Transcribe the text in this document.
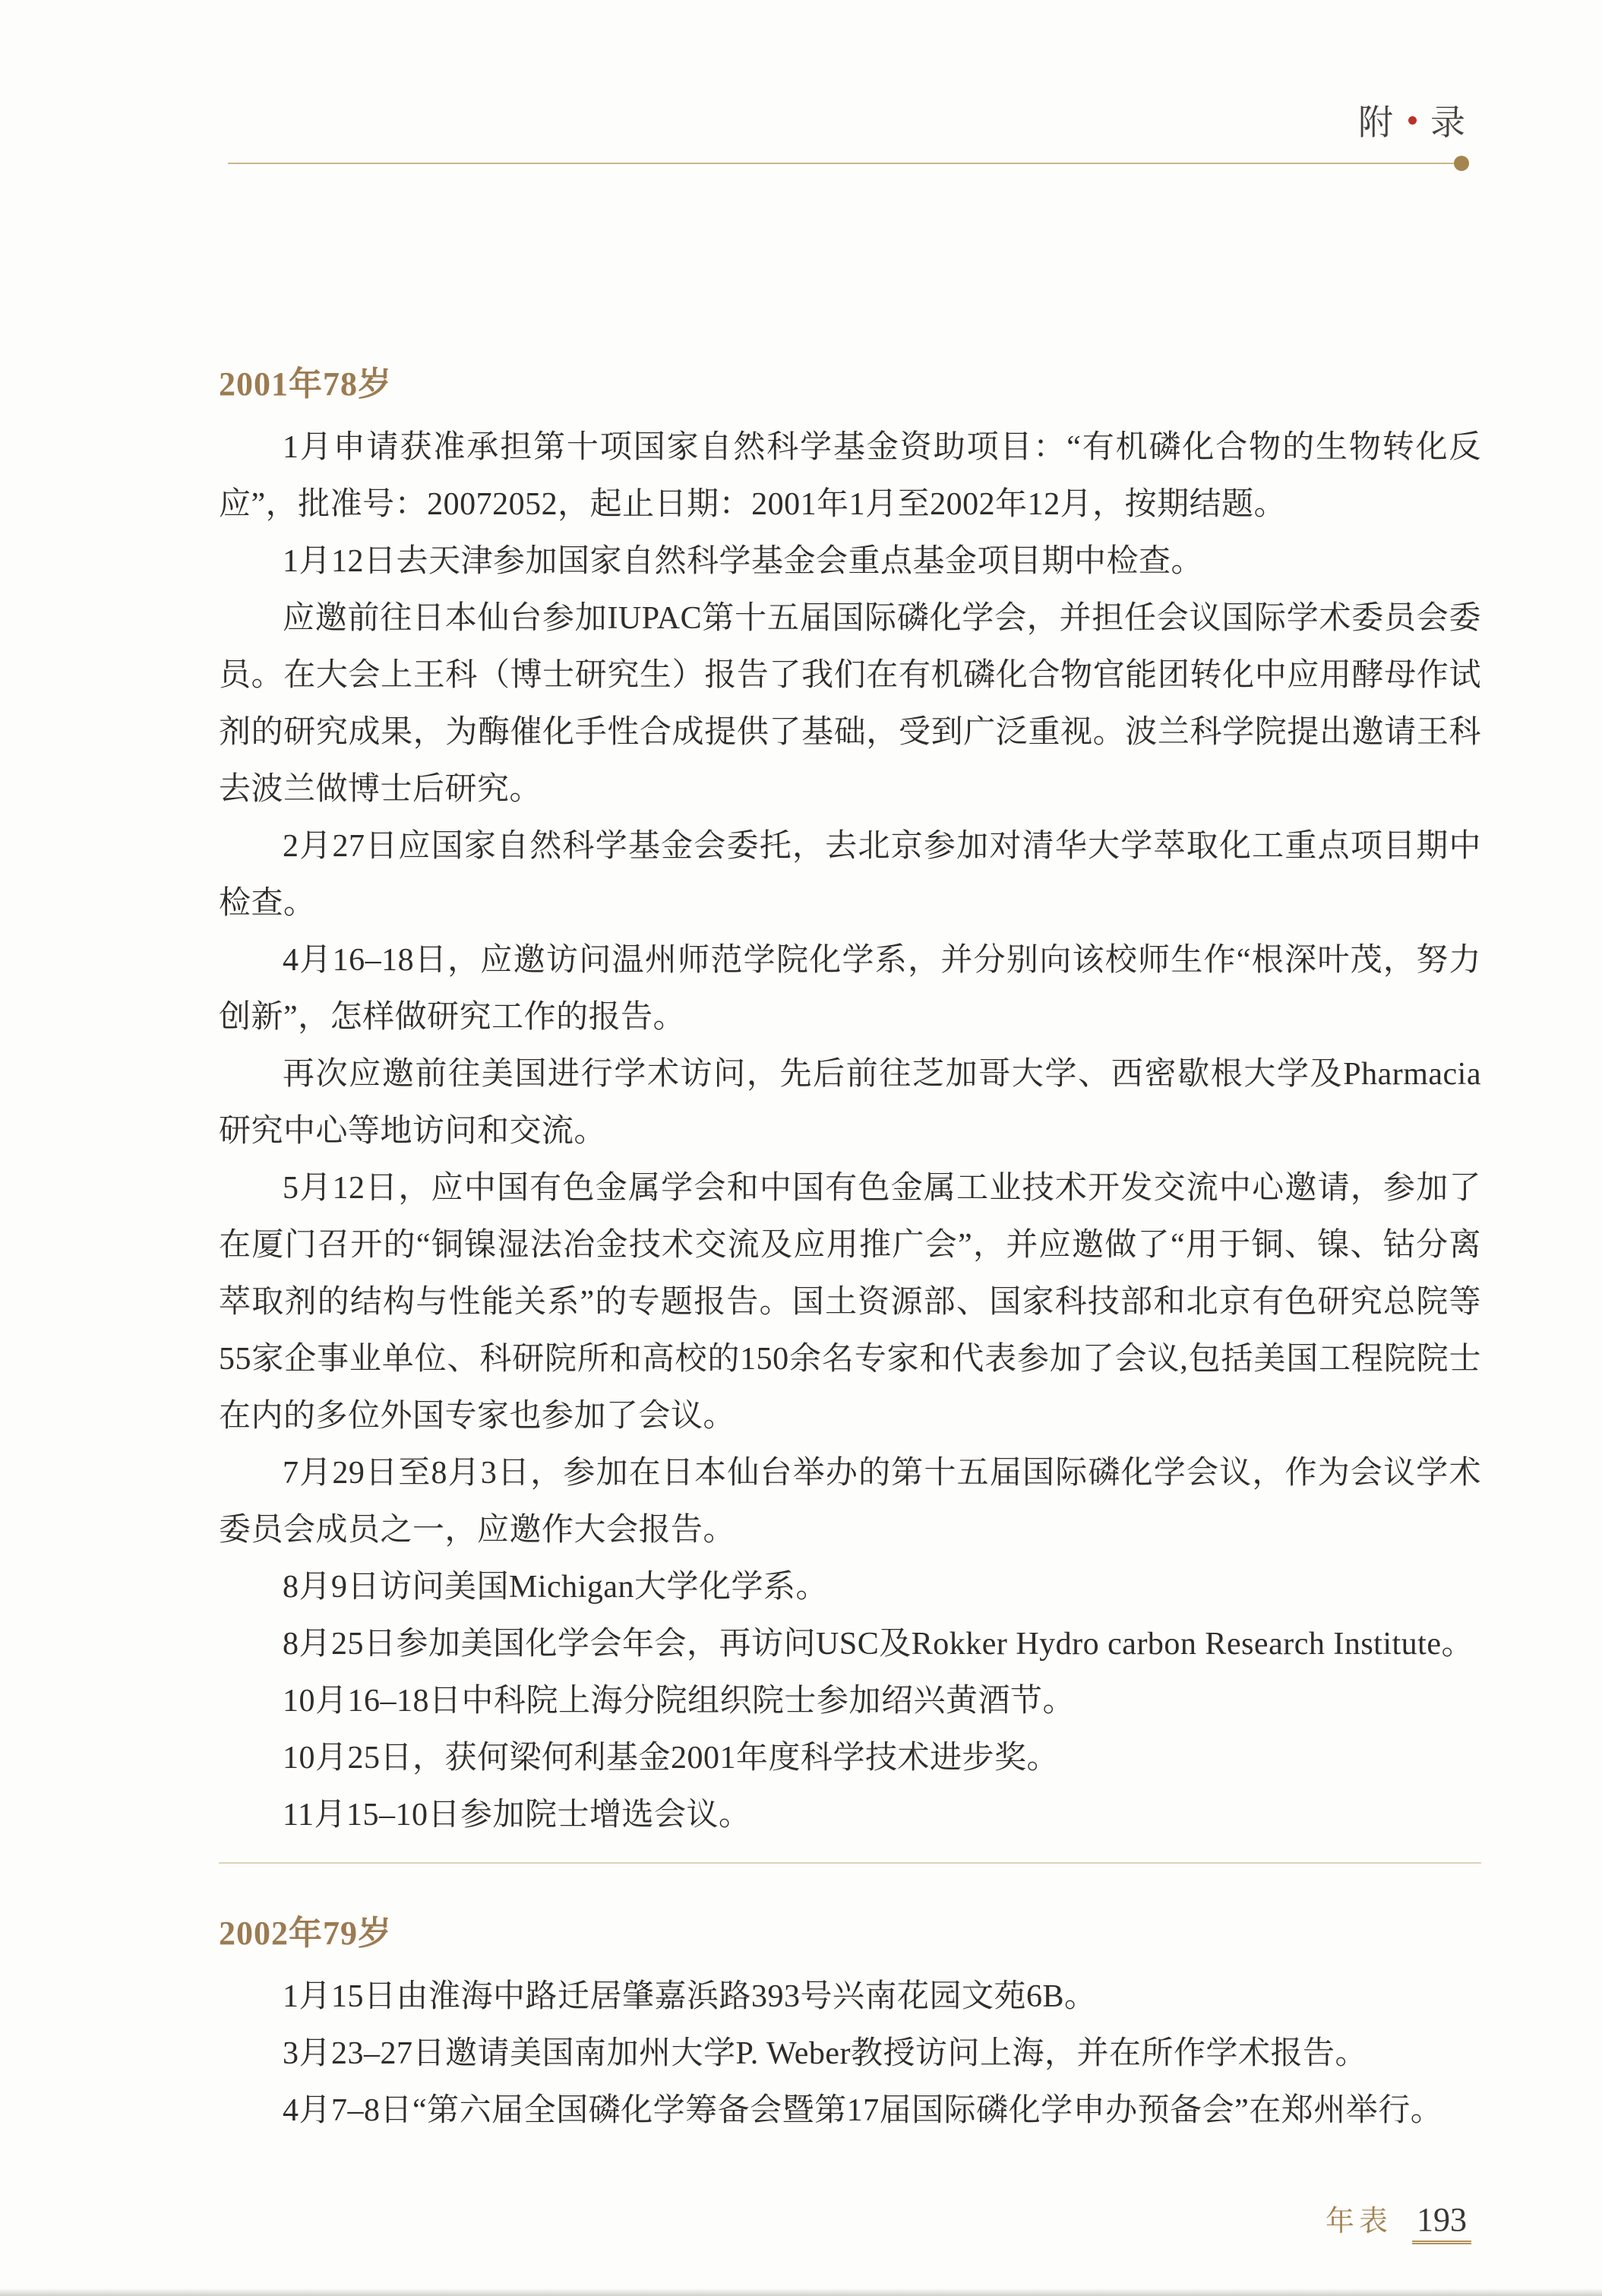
附 录
2001年78岁

1月申请获准承担第十项国家自然科学基金资助项目：“有机磷化合物的生物转化反应”，批准号：20072052，起止日期：2001年1月至2002年12月，按期结题。

1月12日去天津参加国家自然科学基金会重点基金项目期中检查。

应邀前往日本仙台参加IUPAC第十五届国际磷化学会，并担任会议国际学术委员会委员。在大会上王科（博士研究生）报告了我们在有机磷化合物官能团转化中应用酵母作试剂的研究成果，为酶催化手性合成提供了基础，受到广泛重视。波兰科学院提出邀请王科去波兰做博士后研究。

2月27日应国家自然科学基金会委托，去北京参加对清华大学萃取化工重点项目期中检查。

4月16–18日，应邀访问温州师范学院化学系，并分别向该校师生作“根深叶茂，努力创新”，怎样做研究工作的报告。

再次应邀前往美国进行学术访问，先后前往芝加哥大学、西密歇根大学及Pharmacia研究中心等地访问和交流。

5月12日，应中国有色金属学会和中国有色金属工业技术开发交流中心邀请，参加了在厦门召开的“铜镍湿法冶金技术交流及应用推广会”，并应邀做了“用于铜、镍、钴分离萃取剂的结构与性能关系”的专题报告。国土资源部、国家科技部和北京有色研究总院等55家企事业单位、科研院所和高校的150余名专家和代表参加了会议,包括美国工程院院士在内的多位外国专家也参加了会议。

7月29日至8月3日，参加在日本仙台举办的第十五届国际磷化学会议，作为会议学术委员会成员之一，应邀作大会报告。

8月9日访问美国Michigan大学化学系。

8月25日参加美国化学会年会，再访问USC及Rokker Hydro carbon Research Institute。

10月16–18日中科院上海分院组织院士参加绍兴黄酒节。

10月25日，获何梁何利基金2001年度科学技术进步奖。

11月15–10日参加院士增选会议。

2002年79岁

1月15日由淮海中路迁居肇嘉浜路393号兴南花园文苑6B。

3月23–27日邀请美国南加州大学P. Weber教授访问上海，并在所作学术报告。

4月7–8日“第六届全国磷化学筹备会暨第17届国际磷化学申办预备会”在郑州举行。

年表 193
